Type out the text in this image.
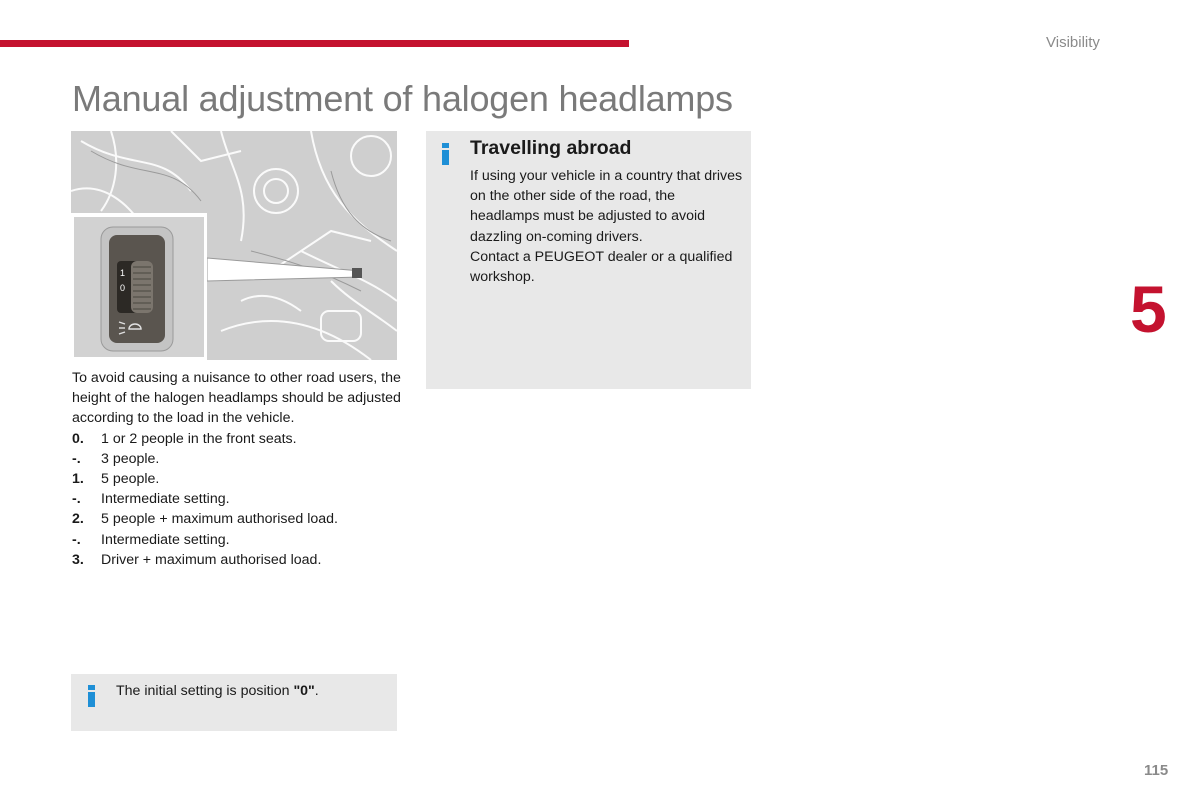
Visibility
Manual adjustment of halogen headlamps
5
115
1
0

To avoid causing a nuisance to other road users, the height of the halogen headlamps should be adjusted according to the load in the vehicle.

0.	1 or 2 people in the front seats.
-.	3 people.
1.	5 people.
-.	Intermediate setting.
2.	5 people + maximum authorised load.
-.	Intermediate setting.
3.	Driver + maximum authorised load.
Travelling abroad

If using your vehicle in a country that drives on the other side of the road, the headlamps must be adjusted to avoid dazzling on-coming drivers.

Contact a PEUGEOT dealer or a qualified workshop.

The initial setting is position "0".
